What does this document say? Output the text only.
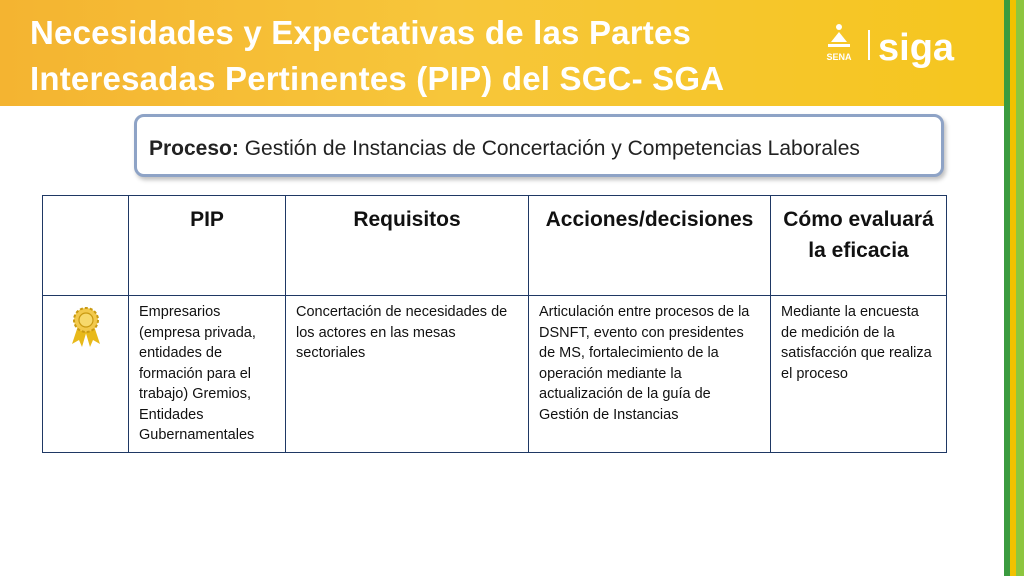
Necesidades y Expectativas de las Partes Interesadas Pertinentes (PIP) del SGC- SGA
SENA siga
Proceso: Gestión de Instancias de Concertación y Competencias Laborales
	PIP	Requisitos	Acciones/decisiones	Cómo evaluará la eficacia
	Empresarios (empresa privada, entidades de formación para el trabajo) Gremios, Entidades Gubernamentales	Concertación de necesidades de los actores en las mesas sectoriales	Articulación entre procesos de la DSNFT, evento con presidentes de MS, fortalecimiento de la operación mediante la actualización de la guía de Gestión de Instancias	Mediante la encuesta de medición de la satisfacción que realiza el proceso
